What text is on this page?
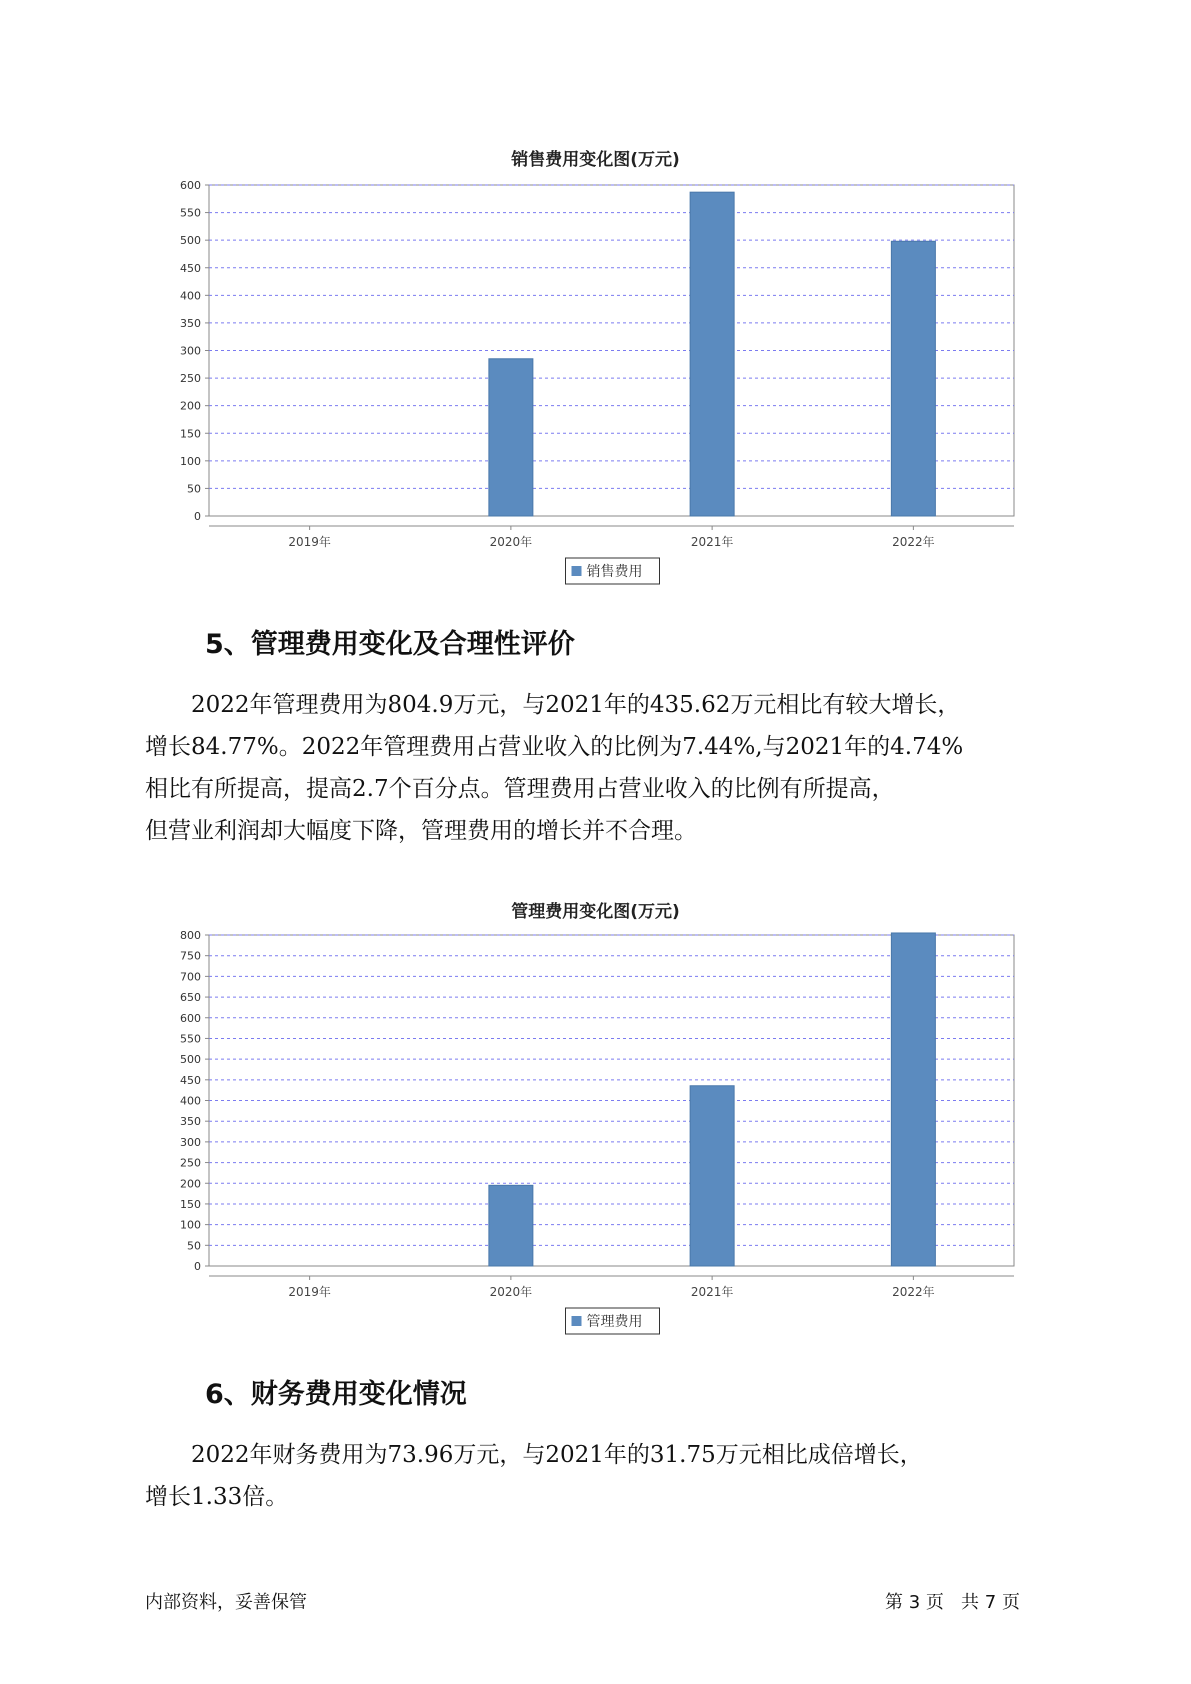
销售费用变化图(万元)
0
50
100
150
200
250
300
350
400
450
500
550
600
2019年	2020年	2021年	2022年
销售费用
5、管理费用变化及合理性评价

　　2022年管理费用为804.9万元，与2021年的435.62万元相比有较大增长，

增长84.77%。2022年管理费用占营业收入的比例为7.44%,与2021年的4.74%

相比有所提高，提高2.7个百分点。管理费用占营业收入的比例有所提高，

但营业利润却大幅度下降，管理费用的增长并不合理。

管理费用变化图(万元)
0
50
100
150
200
250
300
350
400
450
500
550
600
650
700
750
800
2019年	2020年	2021年	2022年
管理费用
6、财务费用变化情况

　　2022年财务费用为73.96万元，与2021年的31.75万元相比成倍增长，

增长1.33倍。

内部资料，妥善保管	第 3 页   共 7 页
